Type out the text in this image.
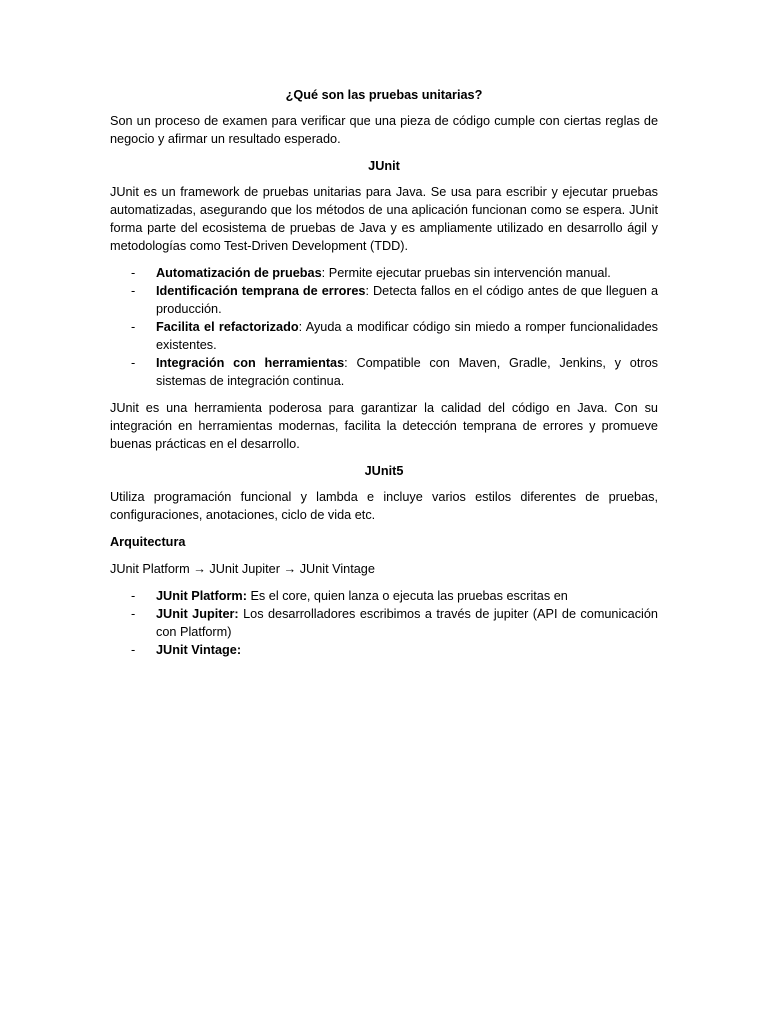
¿Qué son las pruebas unitarias?

Son un proceso de examen para verificar que una pieza de código cumple con ciertas reglas de negocio y afirmar un resultado esperado.

JUnit

JUnit es un framework de pruebas unitarias para Java. Se usa para escribir y ejecutar pruebas automatizadas, asegurando que los métodos de una aplicación funcionan como se espera. JUnit forma parte del ecosistema de pruebas de Java y es ampliamente utilizado en desarrollo ágil y metodologías como Test-Driven Development (TDD).

- Automatización de pruebas: Permite ejecutar pruebas sin intervención manual.
- Identificación temprana de errores: Detecta fallos en el código antes de que lleguen a producción.
- Facilita el refactorizado: Ayuda a modificar código sin miedo a romper funcionalidades existentes.
- Integración con herramientas: Compatible con Maven, Gradle, Jenkins, y otros sistemas de integración continua.

JUnit es una herramienta poderosa para garantizar la calidad del código en Java. Con su integración en herramientas modernas, facilita la detección temprana de errores y promueve buenas prácticas en el desarrollo.

JUnit5

Utiliza programación funcional y lambda e incluye varios estilos diferentes de pruebas, configuraciones, anotaciones, ciclo de vida etc.

Arquitectura

JUnit Platform → JUnit Jupiter → JUnit Vintage

- JUnit Platform: Es el core, quien lanza o ejecuta las pruebas escritas en
- JUnit Jupiter: Los desarrolladores escribimos a través de jupiter (API de comunicación con Platform)
- JUnit Vintage:
